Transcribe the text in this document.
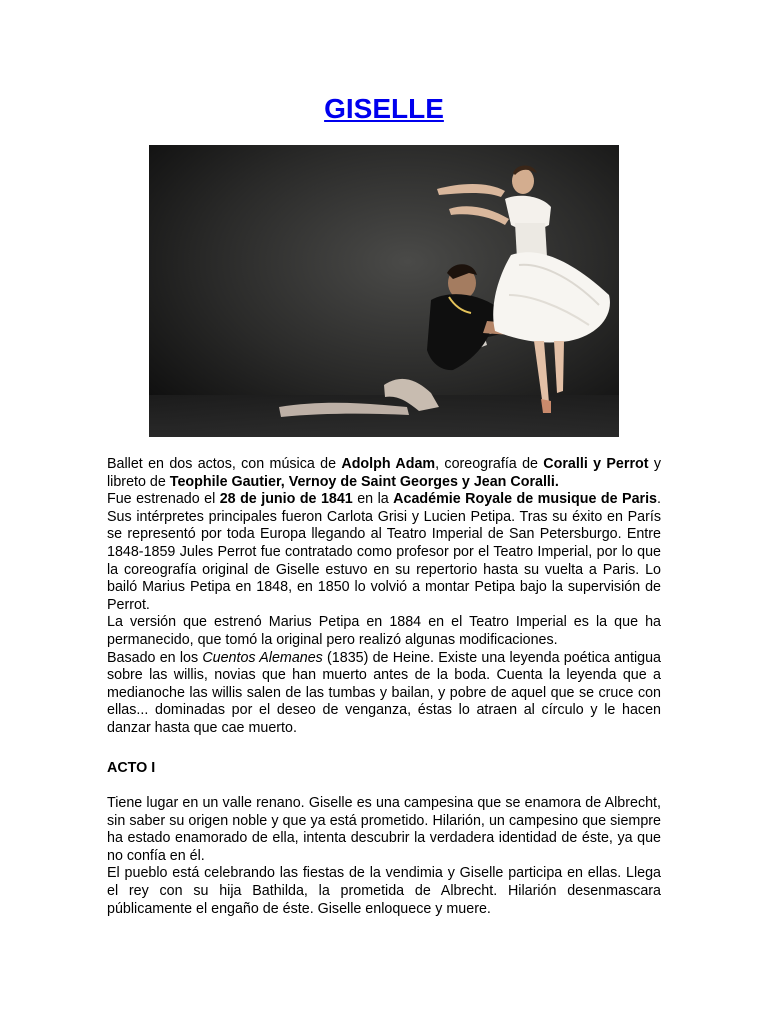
GISELLE

Ballet en dos actos, con música de Adolph Adam, coreografía de Coralli y Perrot y libreto de Teophile Gautier, Vernoy de Saint Georges y Jean Coralli.

Fue estrenado el 28 de junio de 1841 en la Académie Royale de musique de Paris. Sus intérpretes principales fueron Carlota Grisi y Lucien Petipa. Tras su éxito en París se representó por toda Europa llegando al Teatro Imperial de San Petersburgo. Entre 1848-1859 Jules Perrot fue contratado como profesor por el Teatro Imperial, por lo que la coreografía original de Giselle estuvo en su repertorio hasta su vuelta a Paris. Lo bailó Marius Petipa en 1848, en 1850 lo volvió a montar Petipa bajo la supervisión de Perrot.

La versión que estrenó Marius Petipa en 1884 en el Teatro Imperial es la que ha permanecido, que tomó la original pero realizó algunas modificaciones.

Basado en los Cuentos Alemanes (1835) de Heine. Existe una leyenda poética antigua sobre las willis, novias que han muerto antes de la boda. Cuenta la leyenda que a medianoche las willis salen de las tumbas y bailan, y pobre de aquel que se cruce con ellas... dominadas por el deseo de venganza, éstas lo atraen al círculo y le hacen danzar hasta que cae muerto.

ACTO I

Tiene lugar en un valle renano. Giselle es una campesina que se enamora de Albrecht, sin saber su origen noble y que ya está prometido. Hilarión, un campesino que siempre ha estado enamorado de ella, intenta descubrir la verdadera identidad de éste, ya que no confía en él.

El pueblo está celebrando las fiestas de la vendimia y Giselle participa en ellas. Llega el rey con su hija Bathilda, la prometida de Albrecht. Hilarión desenmascara públicamente el engaño de éste. Giselle enloquece y muere.
